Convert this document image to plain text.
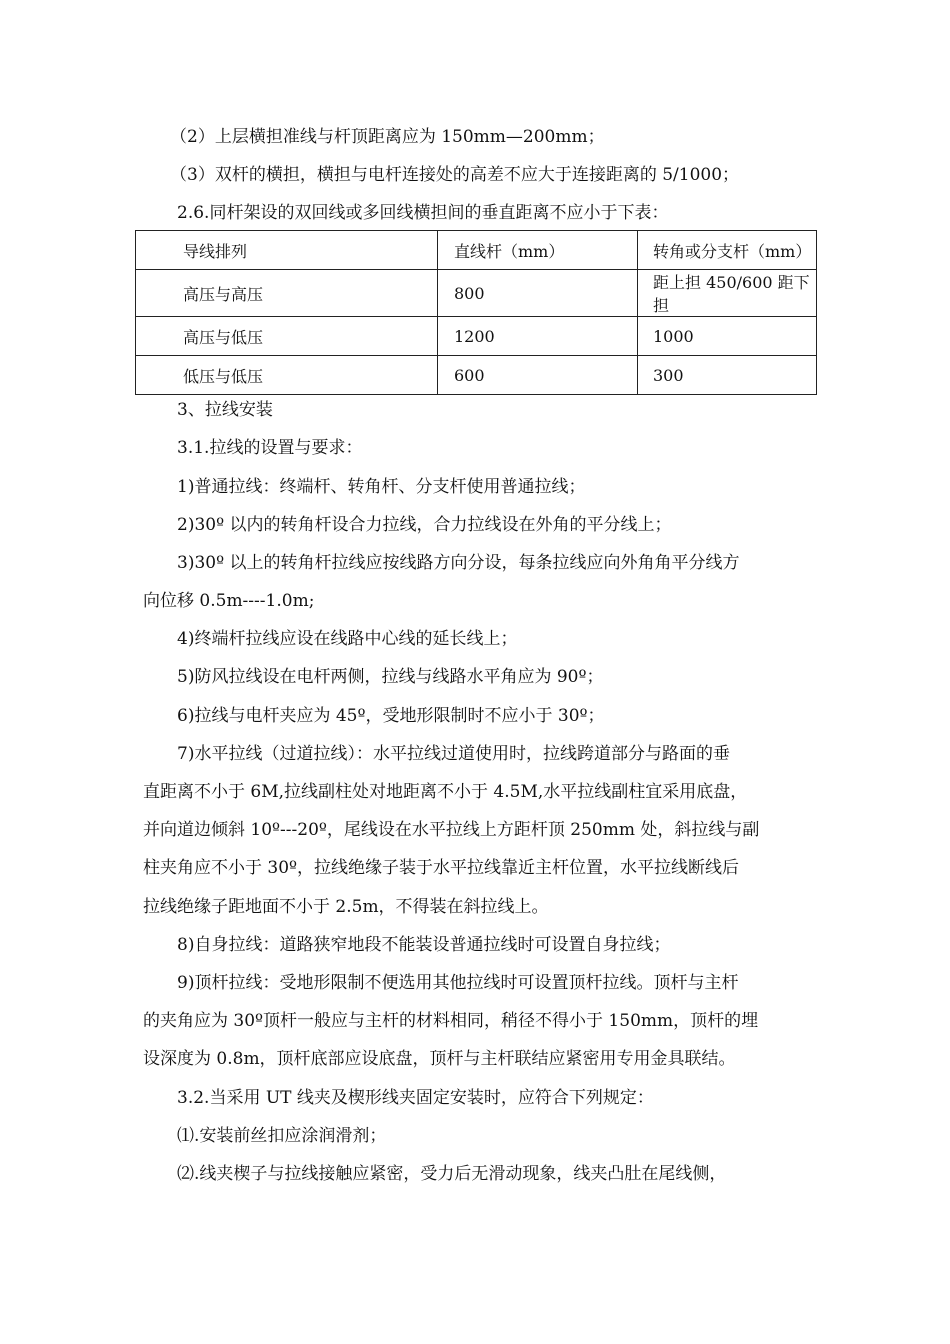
（2）上层横担准线与杆顶距离应为 150mm—200mm；
（3）双杆的横担，横担与电杆连接处的高差不应大于连接距离的 5/1000；
2.6.同杆架设的双回线或多回线横担间的垂直距离不应小于下表：
导线排列	直线杆（mm）	转角或分支杆（mm）
高压与高压	800	距上担 450/600 距下担
高压与低压	1200	1000
低压与低压	600	300
3、拉线安装
3.1.拉线的设置与要求：
1)普通拉线：终端杆、转角杆、分支杆使用普通拉线；
2)30º 以内的转角杆设合力拉线，合力拉线设在外角的平分线上；
3)30º 以上的转角杆拉线应按线路方向分设，每条拉线应向外角角平分线方
向位移 0.5m----1.0m;
4)终端杆拉线应设在线路中心线的延长线上；
5)防风拉线设在电杆两侧，拉线与线路水平角应为 90º；
6)拉线与电杆夹应为 45º，受地形限制时不应小于 30º；
7)水平拉线（过道拉线）：水平拉线过道使用时，拉线跨道部分与路面的垂
直距离不小于 6M,拉线副柱处对地距离不小于 4.5M,水平拉线副柱宜采用底盘，
并向道边倾斜 10º---20º，尾线设在水平拉线上方距杆顶 250mm 处，斜拉线与副
柱夹角应不小于 30º，拉线绝缘子装于水平拉线靠近主杆位置，水平拉线断线后
拉线绝缘子距地面不小于 2.5m，不得装在斜拉线上。
8)自身拉线：道路狭窄地段不能装设普通拉线时可设置自身拉线；
9)顶杆拉线：受地形限制不便选用其他拉线时可设置顶杆拉线。顶杆与主杆
的夹角应为 30º顶杆一般应与主杆的材料相同，稍径不得小于 150mm，顶杆的埋
设深度为 0.8m，顶杆底部应设底盘，顶杆与主杆联结应紧密用专用金具联结。
3.2.当采用 UT 线夹及楔形线夹固定安装时，应符合下列规定：
⑴.安装前丝扣应涂润滑剂；
⑵.线夹楔子与拉线接触应紧密，受力后无滑动现象，线夹凸肚在尾线侧，
